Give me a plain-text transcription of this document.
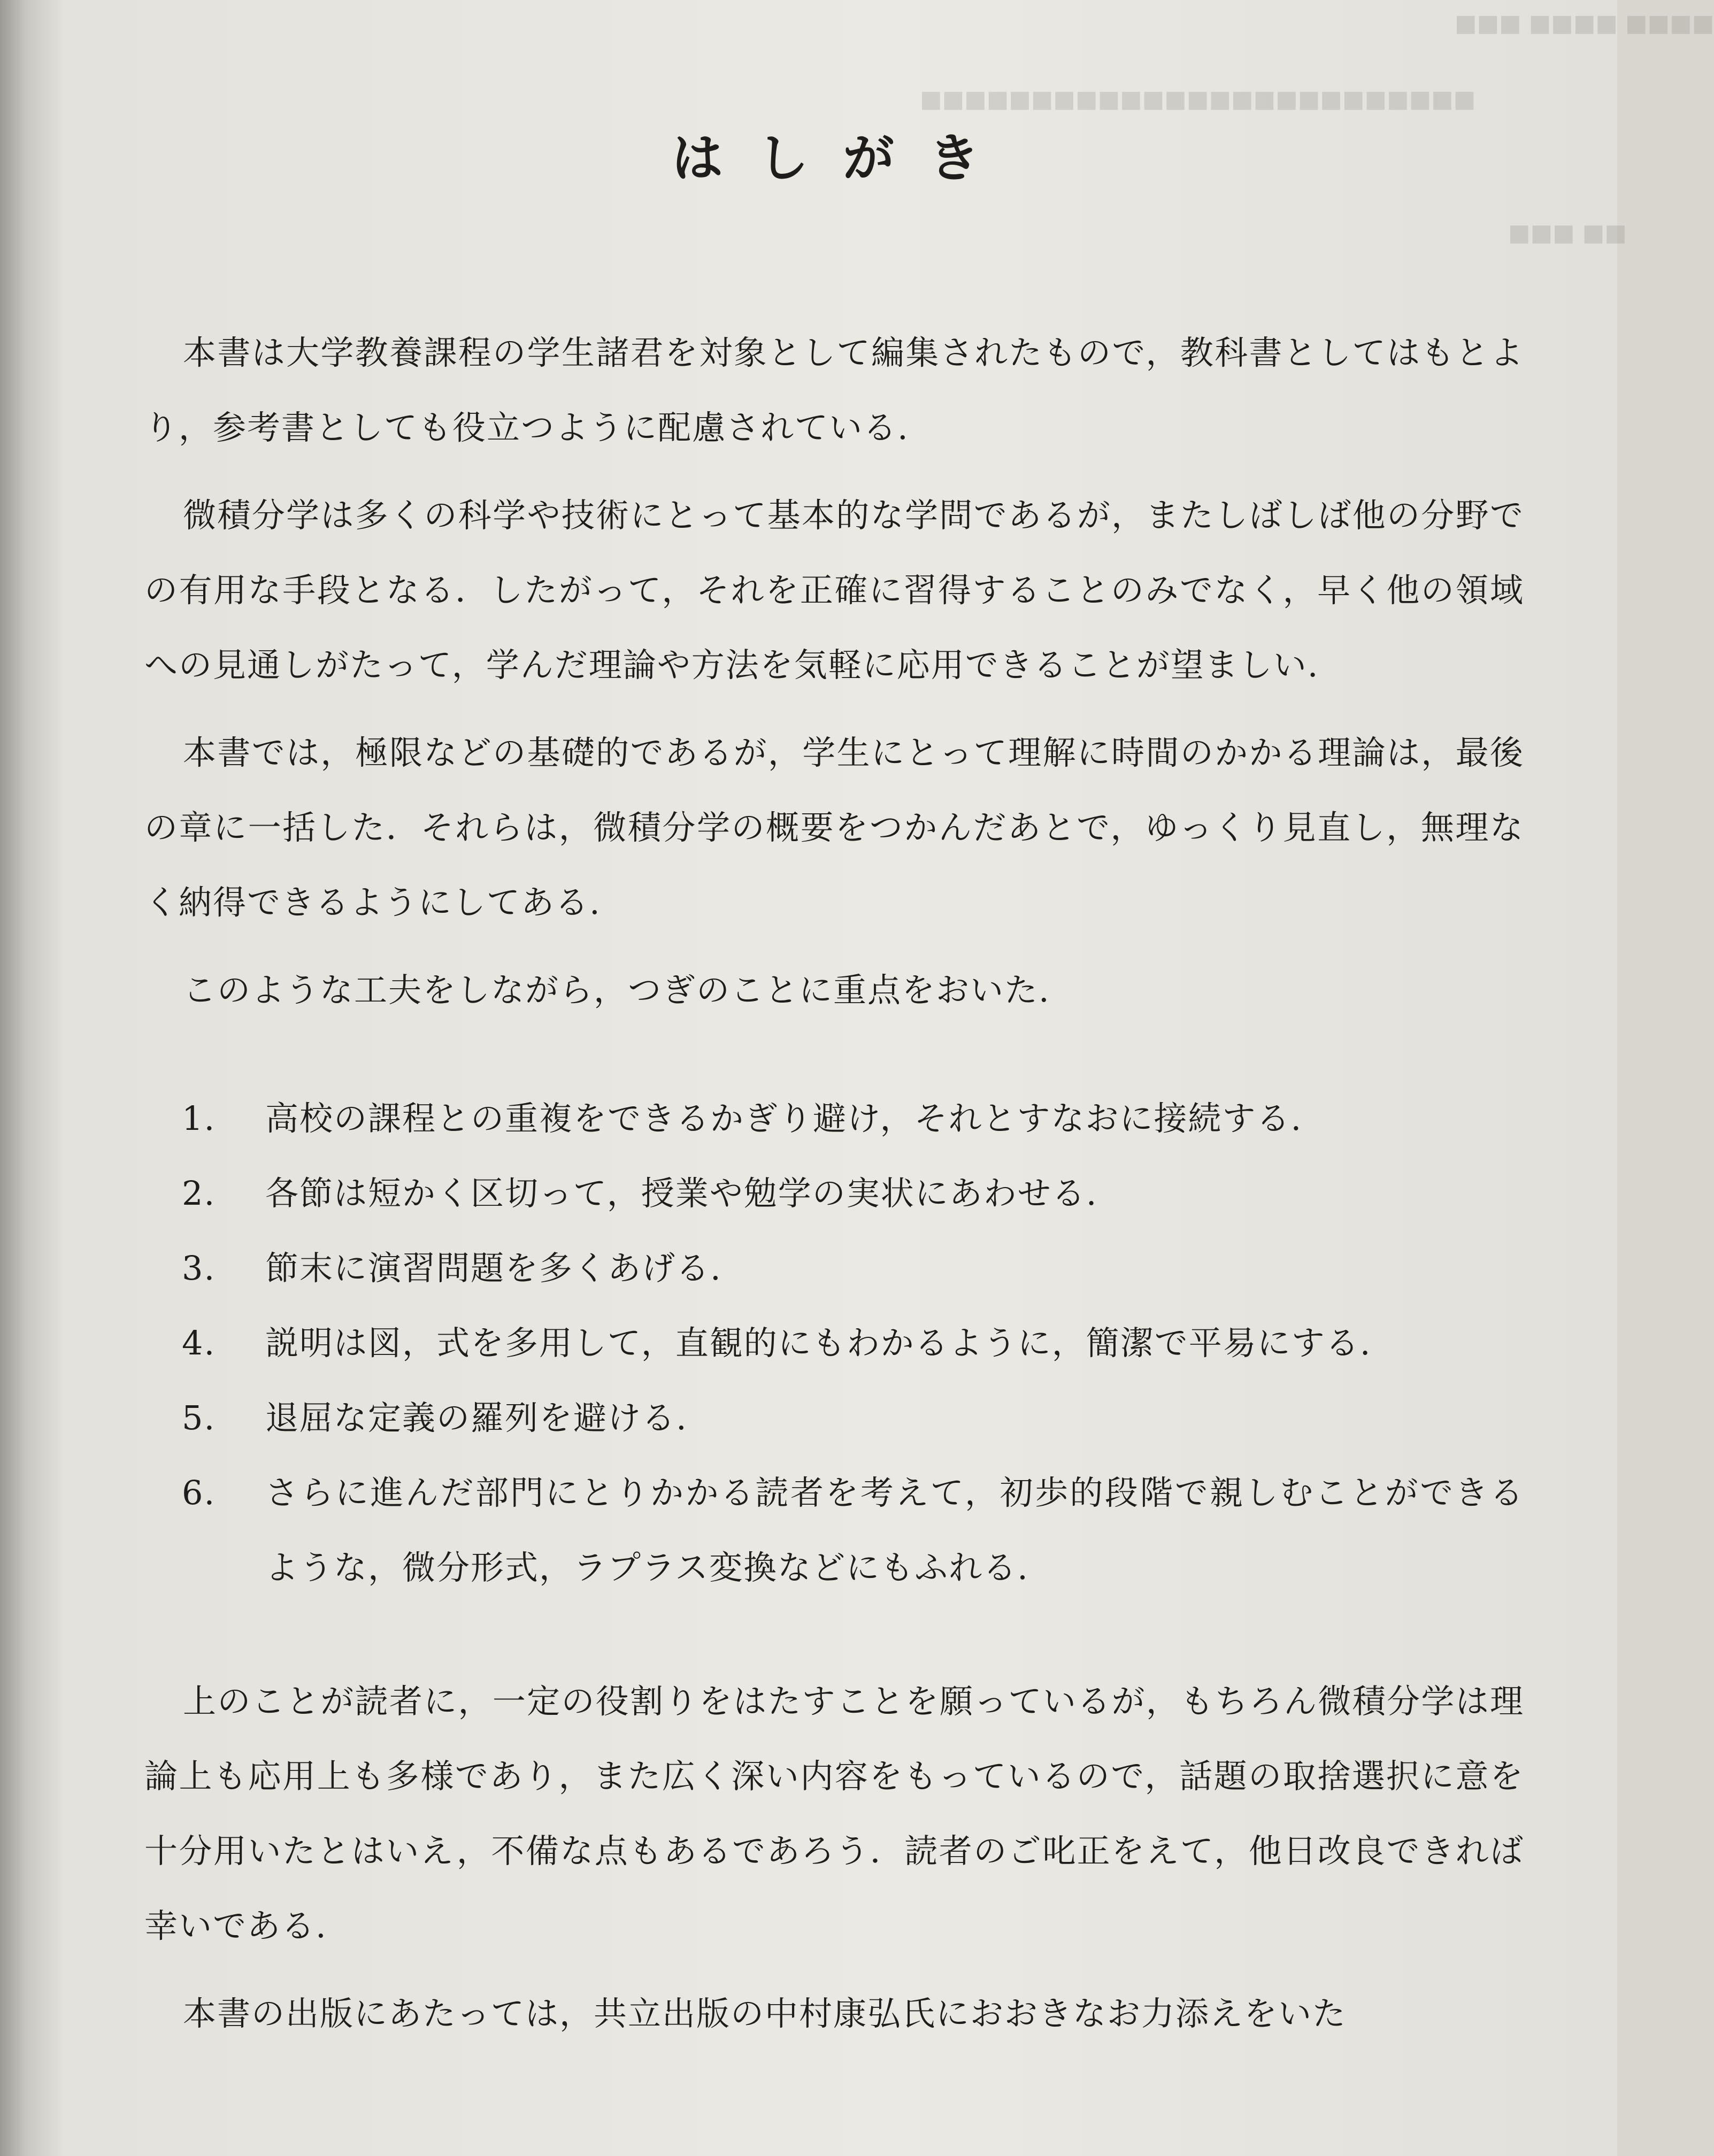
■■■ ■■■■ ■■■■
■■■■■■■■■■■■■■■■■■■■■■■■■
■■■ ■■
はしがき

本書は大学教養課程の学生諸君を対象として編集されたもので，教科書としてはもとより，参考書としても役立つように配慮されている.

微積分学は多くの科学や技術にとって基本的な学問であるが，またしばしば他の分野での有用な手段となる．したがって，それを正確に習得することのみでなく，早く他の領域への見通しがたって，学んだ理論や方法を気軽に応用できることが望ましい.

本書では，極限などの基礎的であるが，学生にとって理解に時間のかかる理論は，最後の章に一括した．それらは，微積分学の概要をつかんだあとで，ゆっくり見直し，無理なく納得できるようにしてある.

このような工夫をしながら，つぎのことに重点をおいた.

1.	高校の課程との重複をできるかぎり避け，それとすなおに接続する.
2.	各節は短かく区切って，授業や勉学の実状にあわせる.
3.	節末に演習問題を多くあげる.
4.	説明は図，式を多用して，直観的にもわかるように，簡潔で平易にする.
5.	退屈な定義の羅列を避ける.
6.	さらに進んだ部門にとりかかる読者を考えて，初歩的段階で親しむことができるような，微分形式，ラプラス変換などにもふれる.

上のことが読者に，一定の役割りをはたすことを願っているが，もちろん微積分学は理論上も応用上も多様であり，また広く深い内容をもっているので，話題の取捨選択に意を十分用いたとはいえ，不備な点もあるであろう．読者のご叱正をえて，他日改良できれば幸いである.

本書の出版にあたっては，共立出版の中村康弘氏におおきなお力添えをいた
